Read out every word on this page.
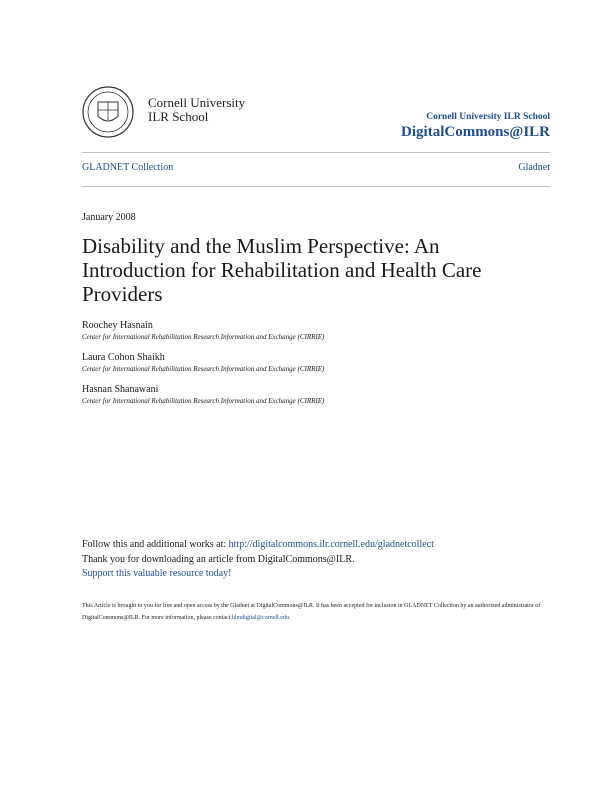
Cornell University
ILR School	Cornell University ILR School
DigitalCommons@ILR
GLADNET Collection	Gladnet
January 2008
Disability and the Muslim Perspective: An Introduction for Rehabilitation and Health Care Providers
Roochey Hasnain
Center for International Rehabilitation Research Information and Exchange (CIRRIE)
Laura Cohon Shaikh
Center for International Rehabilitation Research Information and Exchange (CIRRIE)
Hasnan Shanawani
Center for International Rehabilitation Research Information and Exchange (CIRRIE)
Follow this and additional works at: http://digitalcommons.ilr.cornell.edu/gladnetcollect
Thank you for downloading an article from DigitalCommons@ILR.
Support this valuable resource today!
This Article is brought to you for free and open access by the Gladnet at DigitalCommons@ILR. It has been accepted for inclusion in GLADNET Collection by an authorized administrator of DigitalCommons@ILR. For more information, please contact hlmdigital@cornell.edu.
